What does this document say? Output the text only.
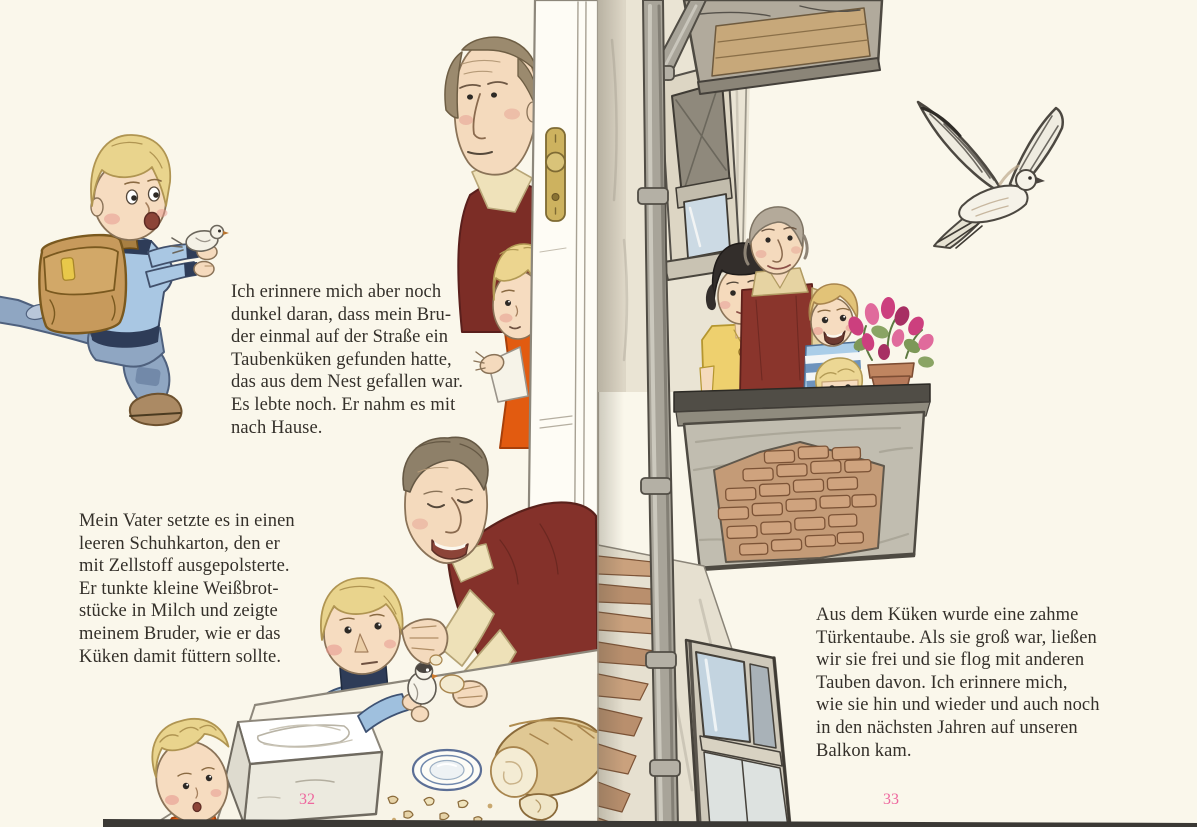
Ich erinnere mich aber noch
dunkel daran, dass mein Bru-
der einmal auf der Straße ein
Taubenküken gefunden hatte,
das aus dem Nest gefallen war.
Es lebte noch. Er nahm es mit
nach Hause.
Mein Vater setzte es in einen
leeren Schuhkarton, den er
mit Zellstoff ausgepolsterte.
Er tunkte kleine Weißbrot-
stücke in Milch und zeigte
meinem Bruder, wie er das
Küken damit füttern sollte.
Aus dem Küken wurde eine zahme
Türkentaube. Als sie groß war, ließen
wir sie frei und sie flog mit anderen
Tauben davon. Ich erinnere mich,
wie sie hin und wieder und auch noch
in den nächsten Jahren auf unseren
Balkon kam.
32	33
